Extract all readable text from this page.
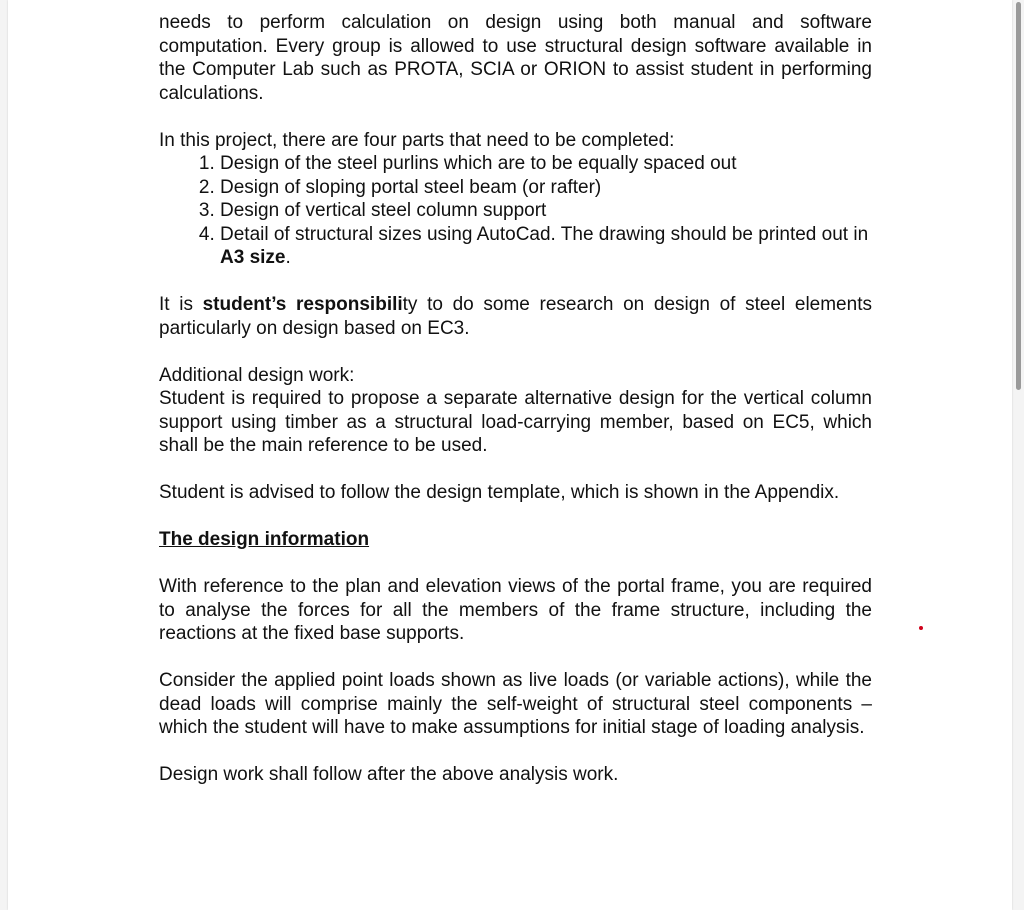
needs to perform calculation on design using both manual and software computation. Every group is allowed to use structural design software available in the Computer Lab such as PROTA, SCIA or ORION to assist student in performing calculations.

In this project, there are four parts that need to be completed:
1. Design of the steel purlins which are to be equally spaced out
2. Design of sloping portal steel beam (or rafter)
3. Design of vertical steel column support
4. Detail of structural sizes using AutoCad. The drawing should be printed out in A3 size.

It is student’s responsibility to do some research on design of steel elements particularly on design based on EC3.

Additional design work:

Student is required to propose a separate alternative design for the vertical column support using timber as a structural load-carrying member, based on EC5, which shall be the main reference to be used.

Student is advised to follow the design template, which is shown in the Appendix.

The design information

With reference to the plan and elevation views of the portal frame, you are required to analyse the forces for all the members of the frame structure, including the reactions at the fixed base supports.

Consider the applied point loads shown as live loads (or variable actions), while the dead loads will comprise mainly the self-weight of structural steel components – which the student will have to make assumptions for initial stage of loading analysis.

Design work shall follow after the above analysis work.
